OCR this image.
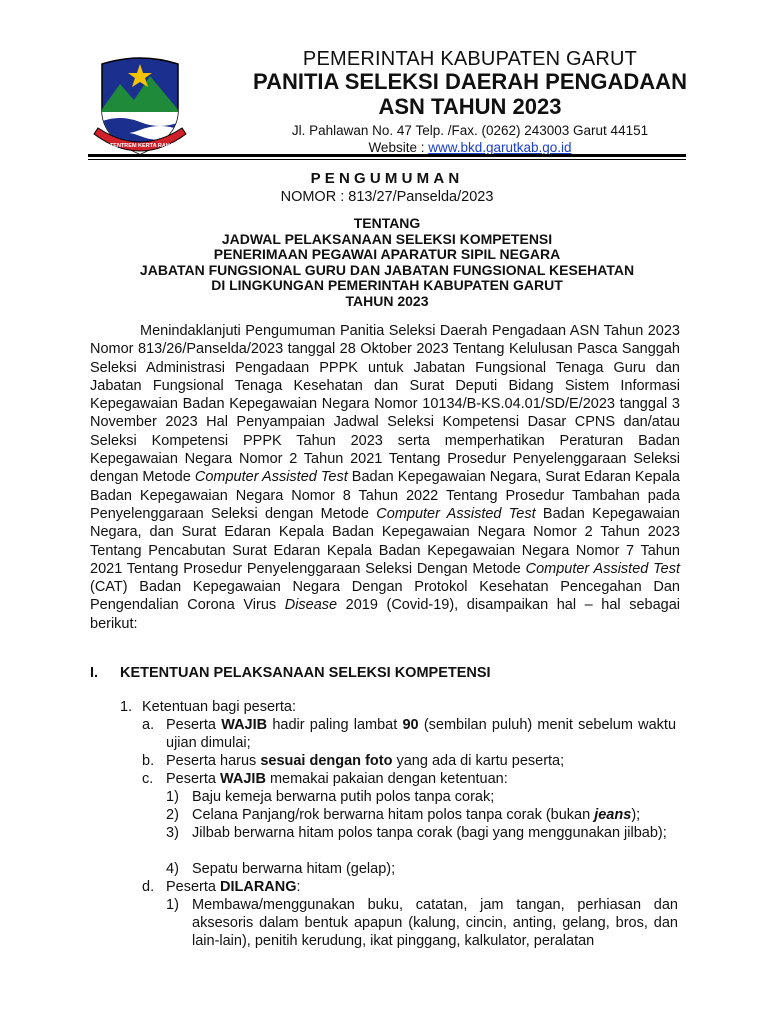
TATA TENTREM KERTA RAHARJA
PEMERINTAH KABUPATEN GARUT
PANITIA SELEKSI DAERAH PENGADAAN
ASN TAHUN 2023
Jl. Pahlawan No. 47 Telp. /Fax. (0262) 243003 Garut 44151
Website : www.bkd.garutkab.go.id
PENGUMUMAN
NOMOR : 813/27/Panselda/2023
TENTANG
JADWAL PELAKSANAAN SELEKSI KOMPETENSI
PENERIMAAN PEGAWAI APARATUR SIPIL NEGARA
JABATAN FUNGSIONAL GURU DAN JABATAN FUNGSIONAL KESEHATAN
DI LINGKUNGAN PEMERINTAH KABUPATEN GARUT
TAHUN 2023
Menindaklanjuti Pengumuman Panitia Seleksi Daerah Pengadaan ASN Tahun 2023 Nomor 813/26/Panselda/2023 tanggal 28 Oktober 2023 Tentang Kelulusan Pasca Sanggah Seleksi Administrasi Pengadaan PPPK untuk Jabatan Fungsional Tenaga Guru dan Jabatan Fungsional Tenaga Kesehatan dan Surat Deputi Bidang Sistem Informasi Kepegawaian Badan Kepegawaian Negara Nomor 10134/B-KS.04.01/SD/E/2023 tanggal 3 November 2023 Hal Penyampaian Jadwal Seleksi Kompetensi Dasar CPNS dan/atau Seleksi Kompetensi PPPK Tahun 2023 serta memperhatikan Peraturan Badan Kepegawaian Negara Nomor 2 Tahun 2021 Tentang Prosedur Penyelenggaraan Seleksi dengan Metode Computer Assisted Test Badan Kepegawaian Negara, Surat Edaran Kepala Badan Kepegawaian Negara Nomor 8 Tahun 2022 Tentang Prosedur Tambahan pada Penyelenggaraan Seleksi dengan Metode Computer Assisted Test Badan Kepegawaian Negara, dan Surat Edaran Kepala Badan Kepegawaian Negara Nomor 2 Tahun 2023 Tentang Pencabutan Surat Edaran Kepala Badan Kepegawaian Negara Nomor 7 Tahun 2021 Tentang Prosedur Penyelenggaraan Seleksi Dengan Metode Computer Assisted Test (CAT) Badan Kepegawaian Negara Dengan Protokol Kesehatan Pencegahan Dan Pengendalian Corona Virus Disease 2019 (Covid-19), disampaikan hal – hal sebagai berikut:
I. KETENTUAN PELAKSANAAN SELEKSI KOMPETENSI
1. Ketentuan bagi peserta:
a. Peserta WAJIB hadir paling lambat 90 (sembilan puluh) menit sebelum waktu ujian dimulai;
b. Peserta harus sesuai dengan foto yang ada di kartu peserta;
c. Peserta WAJIB memakai pakaian dengan ketentuan:
1) Baju kemeja berwarna putih polos tanpa corak;
2) Celana Panjang/rok berwarna hitam polos tanpa corak (bukan jeans);
3) Jilbab berwarna hitam polos tanpa corak (bagi yang menggunakan jilbab);
4) Sepatu berwarna hitam (gelap);
d. Peserta DILARANG:
1) Membawa/menggunakan buku, catatan, jam tangan, perhiasan dan aksesoris dalam bentuk apapun (kalung, cincin, anting, gelang, bros, dan lain-lain), penitih kerudung, ikat pinggang, kalkulator, peralatan
